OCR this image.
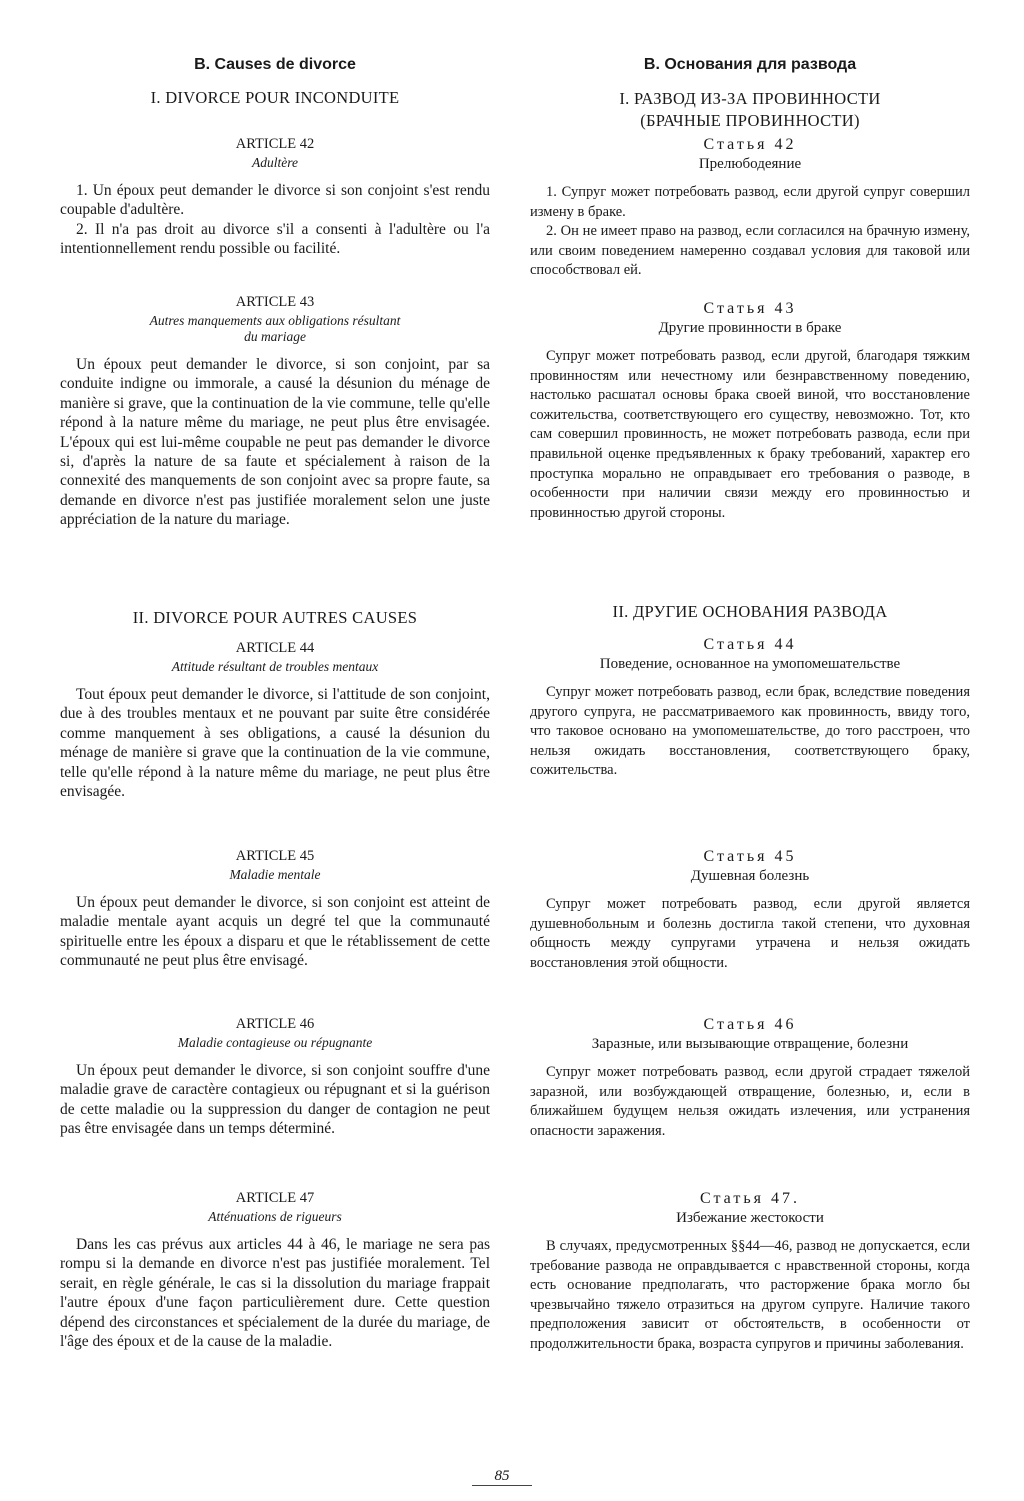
B. Causes de divorce
I. DIVORCE POUR INCONDUITE
ARTICLE 42
Adultère

1. Un époux peut demander le divorce si son conjoint s'est rendu coupable d'adultère.

2. Il n'a pas droit au divorce s'il a consenti à l'adultère ou l'a intentionnellement rendu possible ou facilité.

ARTICLE 43
Autres manquements aux obligations résultant
du mariage

Un époux peut demander le divorce, si son conjoint, par sa conduite indigne ou immorale, a causé la désunion du ménage de manière si grave, que la continuation de la vie commune, telle qu'elle répond à la nature même du mariage, ne peut plus être envisagée. L'époux qui est lui-même coupable ne peut pas demander le divorce si, d'après la nature de sa faute et spécialement à raison de la connexité des manquements de son conjoint avec sa propre faute, sa demande en divorce n'est pas justifiée moralement selon une juste appréciation de la nature du mariage.

II. DIVORCE POUR AUTRES CAUSES
ARTICLE 44
Attitude résultant de troubles mentaux

Tout époux peut demander le divorce, si l'attitude de son conjoint, due à des troubles mentaux et ne pouvant par suite être considérée comme manquement à ses obligations, a causé la désunion du ménage de manière si grave que la continuation de la vie commune, telle qu'elle répond à la nature même du mariage, ne peut plus être envisagée.

ARTICLE 45
Maladie mentale

Un époux peut demander le divorce, si son conjoint est atteint de maladie mentale ayant acquis un degré tel que la communauté spirituelle entre les époux a disparu et que le rétablissement de cette communauté ne peut plus être envisagé.

ARTICLE 46
Maladie contagieuse ou répugnante

Un époux peut demander le divorce, si son conjoint souffre d'une maladie grave de caractère contagieux ou répugnant et si la guérison de cette maladie ou la suppression du danger de contagion ne peut pas être envisagée dans un temps déterminé.

ARTICLE 47
Atténuations de rigueurs

Dans les cas prévus aux articles 44 à 46, le mariage ne sera pas rompu si la demande en divorce n'est pas justifiée moralement. Tel serait, en règle générale, le cas si la dissolution du mariage frappait l'autre époux d'une façon particulièrement dure. Cette question dépend des circonstances et spécialement de la durée du mariage, de l'âge des époux et de la cause de la maladie.

B. Основания для развода
I. РАЗВОД ИЗ-ЗА ПРОВИННОСТИ
(БРАЧНЫЕ ПРОВИННОСТИ)
Статья 42
Прелюбодеяние

1. Супруг может потребовать развод, если другой супруг совершил измену в браке.

2. Он не имеет право на развод, если согласился на брачную измену, или своим поведением намеренно создавал условия для таковой или способствовал ей.

Статья 43
Другие провинности в браке

Супруг может потребовать развод, если другой, благодаря тяжким провинностям или нечестному или безнравственному поведению, настолько расшатал основы брака своей виной, что восстановление сожительства, соответствующего его существу, невозможно. Тот, кто сам совершил провинность, не может потребовать развода, если при правильной оценке предъявленных к браку требований, характер его проступка морально не оправдывает его требования о разводе, в особенности при наличии связи между его провинностью и провинностью другой стороны.

II. ДРУГИЕ ОСНОВАНИЯ РАЗВОДА
Статья 44
Поведение, основанное на умопомешательстве

Супруг может потребовать развод, если брак, вследствие поведения другого супруга, не рассматриваемого как провинность, ввиду того, что таковое основано на умопомешательстве, до того расстроен, что нельзя ожидать восстановления, соответствующего браку, сожительства.

Статья 45
Душевная болезнь

Супруг может потребовать развод, если другой является душевнобольным и болезнь достигла такой степени, что духовная общность между супругами утрачена и нельзя ожидать восстановления этой общности.

Статья 46
Заразные, или вызывающие отвращение, болезни

Супруг может потребовать развод, если другой страдает тяжелой заразной, или возбуждающей отвращение, болезнью, и, если в ближайшем будущем нельзя ожидать излечения, или устранения опасности заражения.

Статья 47.
Избежание жестокости

В случаях, предусмотренных §§44—46, развод не допускается, если требование развода не оправдывается с нравственной стороны, когда есть основание предполагать, что расторжение брака могло бы чрезвычайно тяжело отразиться на другом супруге. Наличие такого предположения зависит от обстоятельств, в особенности от продолжительности брака, возраста супругов и причины заболевания.

85
